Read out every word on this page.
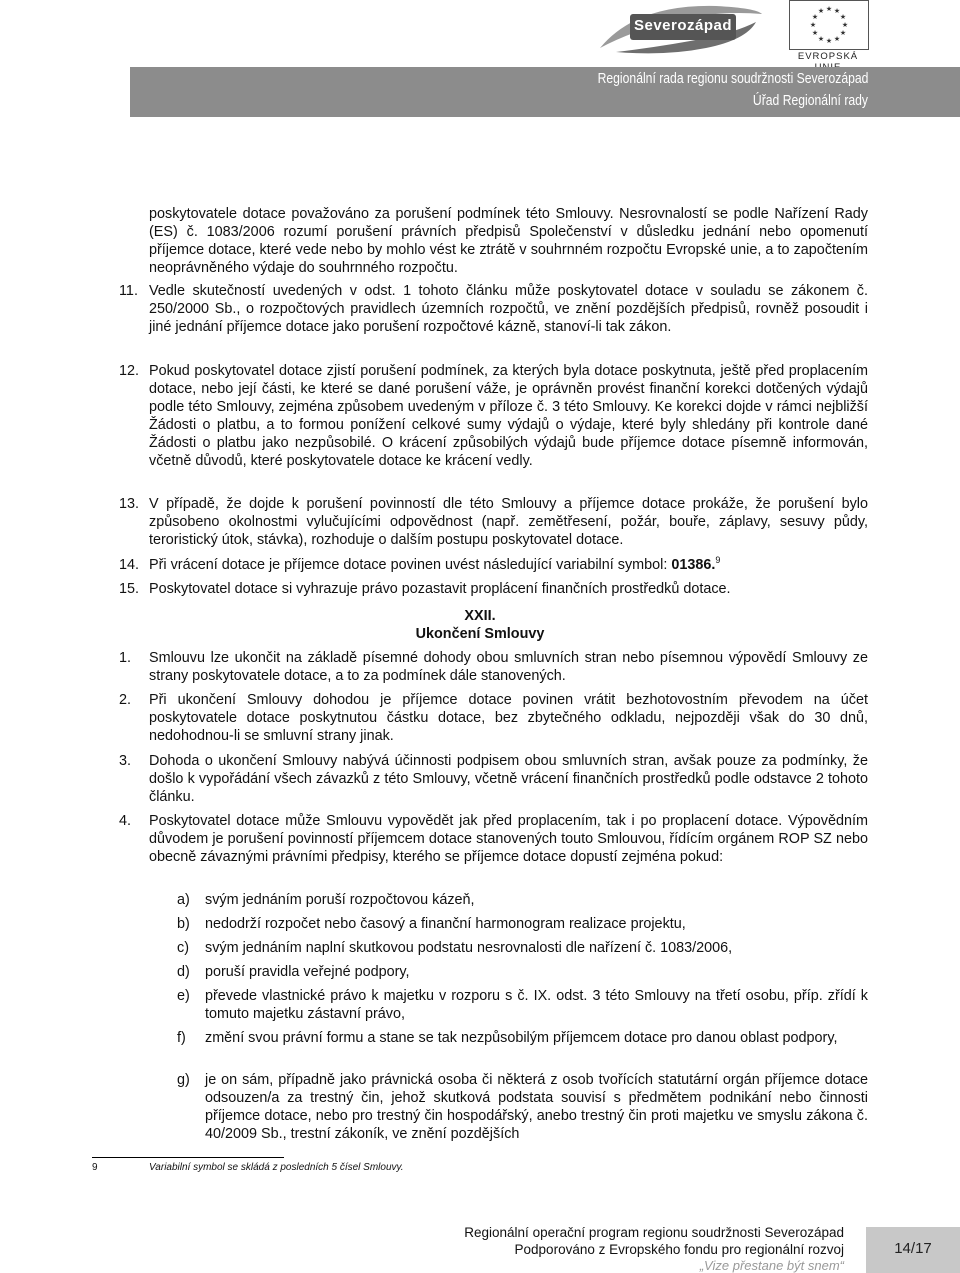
Severozápad
★ ★
★
★
★
★
★
★
★
★
★
★
EVROPSKÁ
Regionální rada regionu soudržnosti Severozápad
Úřad Regionální rady
poskytovatele dotace považováno za porušení podmínek této Smlouvy. Nesrovnalostí se podle Nařízení Rady (ES) č. 1083/2006 rozumí porušení právních předpisů Společenství v důsledku jednání nebo opomenutí příjemce dotace, které vede nebo by mohlo vést ke ztrátě v souhrnném rozpočtu Evropské unie, a to započtením neoprávněného výdaje do souhrnného rozpočtu.
11. Vedle skutečností uvedených v odst. 1 tohoto článku může poskytovatel dotace v souladu se zákonem č. 250/2000 Sb., o rozpočtových pravidlech územních rozpočtů, ve znění pozdějších předpisů, rovněž posoudit i jiné jednání příjemce dotace jako porušení rozpočtové kázně, stanoví-li tak zákon.
12. Pokud poskytovatel dotace zjistí porušení podmínek, za kterých byla dotace poskytnuta, ještě před proplacením dotace, nebo její části, ke které se dané porušení váže, je oprávněn provést finanční korekci dotčených výdajů podle této Smlouvy, zejména způsobem uvedeným v příloze č. 3 této Smlouvy. Ke korekci dojde v rámci nejbližší Žádosti o platbu, a to formou ponížení celkové sumy výdajů o výdaje, které byly shledány při kontrole dané Žádosti o platbu jako nezpůsobilé. O krácení způsobilých výdajů bude příjemce dotace písemně informován, včetně důvodů, které poskytovatele dotace ke krácení vedly.
13. V případě, že dojde k porušení povinností dle této Smlouvy a příjemce dotace prokáže, že porušení bylo způsobeno okolnostmi vylučujícími odpovědnost (např. zemětřesení, požár, bouře, záplavy, sesuvy půdy, teroristický útok, stávka), rozhoduje o dalším postupu poskytovatel dotace.
14. Při vrácení dotace je příjemce dotace povinen uvést následující variabilní symbol: 01386.$^9$
15. Poskytovatel dotace si vyhrazuje právo pozastavit proplácení finančních prostředků dotace.
XXII.
Ukončení Smlouvy
1. Smlouvu lze ukončit na základě písemné dohody obou smluvních stran nebo písemnou výpovědí Smlouvy ze strany poskytovatele dotace, a to za podmínek dále stanovených.
2. Při ukončení Smlouvy dohodou je příjemce dotace povinen vrátit bezhotovostním převodem na účet poskytovatele dotace poskytnutou částku dotace, bez zbytečného odkladu, nejpozději však do 30 dnů, nedohodnou-li se smluvní strany jinak.
3. Dohoda o ukončení Smlouvy nabývá účinnosti podpisem obou smluvních stran, avšak pouze za podmínky, že došlo k vypořádání všech závazků z této Smlouvy, včetně vrácení finančních prostředků podle odstavce 2 tohoto článku.
4. Poskytovatel dotace může Smlouvu vypovědět jak před proplacením, tak i po proplacení dotace. Výpovědním důvodem je porušení povinností příjemcem dotace stanovených touto Smlouvou, řídícím orgánem ROP SZ nebo obecně závaznými právními předpisy, kterého se příjemce dotace dopustí zejména pokud:
a) svým jednáním poruší rozpočtovou kázeň,
b) nedodrží rozpočet nebo časový a finanční harmonogram realizace projektu,
c) svým jednáním naplní skutkovou podstatu nesrovnalosti dle nařízení č. 1083/2006,
d) poruší pravidla veřejné podpory,
e) převede vlastnické právo k majetku v rozporu s č. IX. odst. 3 této Smlouvy na třetí osobu, příp. zřídí k tomuto majetku zástavní právo,
f) změní svou právní formu a stane se tak nezpůsobilým příjemcem dotace pro danou oblast podpory,
g) je on sám, případně jako právnická osoba či některá z osob tvořících statutární orgán příjemce dotace odsouzen/a za trestný čin, jehož skutková podstata souvisí s předmětem podnikání nebo činnosti příjemce dotace, nebo pro trestný čin hospodářský, anebo trestný čin proti majetku ve smyslu zákona č. 40/2009 Sb., trestní zákoník, ve znění pozdějších
9	Variabilní symbol se skládá z posledních 5 čísel Smlouvy.
Regionální operační program regionu soudržnosti Severozápad
Podporováno z Evropského fondu pro regionální rozvoj
„Vize přestane být snem“
14/17
